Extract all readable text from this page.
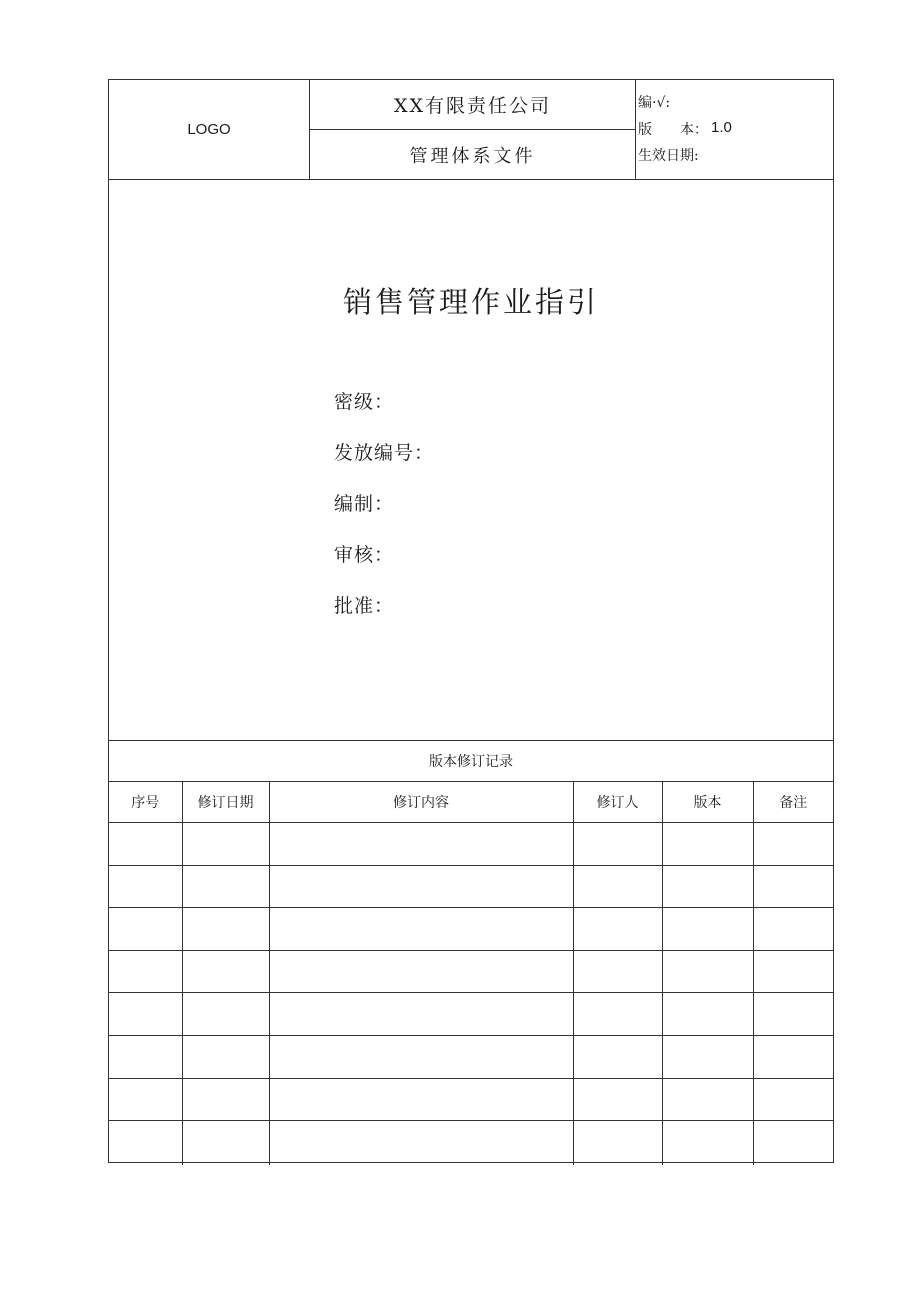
LOGO
XX有限责任公司
管理体系文件
编·√:
版　　本： 1.0
生效日期:
销售管理作业指引
密级：
发放编号：
编制：
审核：
批准：
版本修订记录
序号	修订日期	修订内容	修订人	版本	备注
